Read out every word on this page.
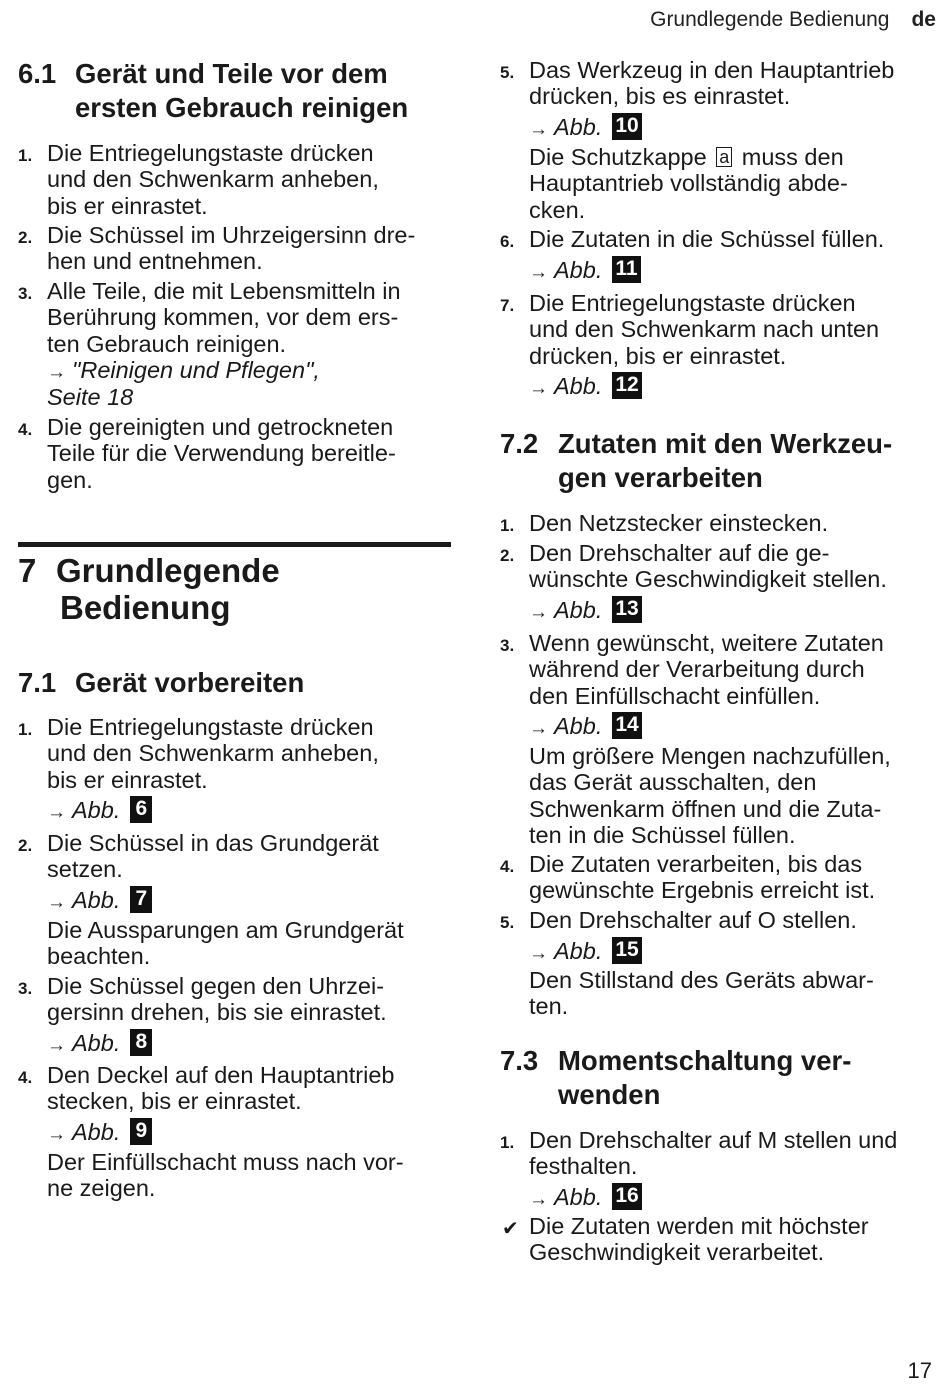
Grundlegende Bedienung de
6.1 Gerät und Teile vor dem
ersten Gebrauch reinigen
1. Die Entriegelungstaste drücken
und den Schwenkarm anheben,
bis er einrastet.
2. Die Schüssel im Uhrzeigersinn dre-
hen und entnehmen.
3. Alle Teile, die mit Lebensmitteln in
Berührung kommen, vor dem ers-
ten Gebrauch reinigen.
→ "Reinigen und Pflegen",
Seite 18
4. Die gereinigten und getrockneten
Teile für die Verwendung bereitle-
gen.
7 Grundlegende
Bedienung
7.1 Gerät vorbereiten
1. Die Entriegelungstaste drücken
und den Schwenkarm anheben,
bis er einrastet.
→ Abb. 6
2. Die Schüssel in das Grundgerät
setzen.
→ Abb. 7
Die Aussparungen am Grundgerät
beachten.
3. Die Schüssel gegen den Uhrzei-
gersinn drehen, bis sie einrastet.
→ Abb. 8
4. Den Deckel auf den Hauptantrieb
stecken, bis er einrastet.
→ Abb. 9
Der Einfüllschacht muss nach vor-
ne zeigen.
5. Das Werkzeug in den Hauptantrieb
drücken, bis es einrastet.
→ Abb. 10
Die Schutzkappe a muss den
Hauptantrieb vollständig abde-
cken.
6. Die Zutaten in die Schüssel füllen.
→ Abb. 11
7. Die Entriegelungstaste drücken
und den Schwenkarm nach unten
drücken, bis er einrastet.
→ Abb. 12
7.2 Zutaten mit den Werkzeu-
gen verarbeiten
1. Den Netzstecker einstecken.
2. Den Drehschalter auf die ge-
wünschte Geschwindigkeit stellen.
→ Abb. 13
3. Wenn gewünscht, weitere Zutaten
während der Verarbeitung durch
den Einfüllschacht einfüllen.
→ Abb. 14
Um größere Mengen nachzufüllen,
das Gerät ausschalten, den
Schwenkarm öffnen und die Zuta-
ten in die Schüssel füllen.
4. Die Zutaten verarbeiten, bis das
gewünschte Ergebnis erreicht ist.
5. Den Drehschalter auf O stellen.
→ Abb. 15
Den Stillstand des Geräts abwar-
ten.
7.3 Momentschaltung ver-
wenden
1. Den Drehschalter auf M stellen und
festhalten.
→ Abb. 16
✔ Die Zutaten werden mit höchster
Geschwindigkeit verarbeitet.
17
